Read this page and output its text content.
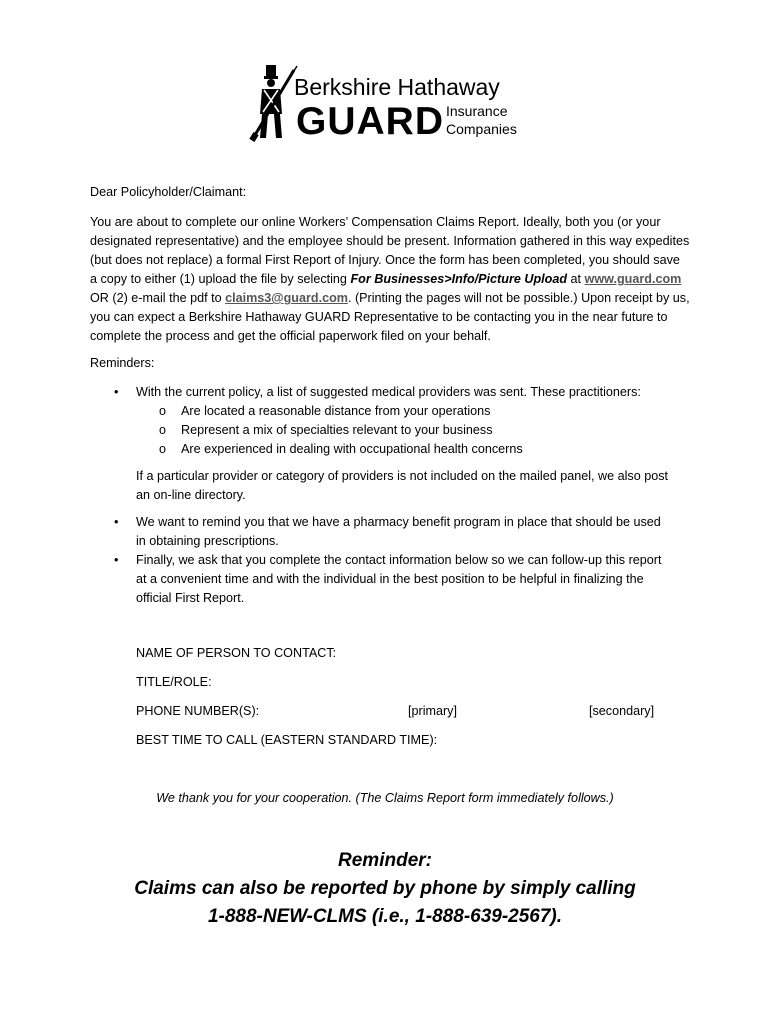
Berkshire Hathaway
GUARD Insurance
Companies
Dear Policyholder/Claimant:
You are about to complete our online Workers’ Compensation Claims Report. Ideally, both you (or your designated representative) and the employee should be present. Information gathered in this way expedites (but does not replace) a formal First Report of Injury. Once the form has been completed, you should save a copy to either (1) upload the file by selecting For Businesses>Info/Picture Upload at www.guard.com OR (2) e-mail the pdf to claims3@guard.com. (Printing the pages will not be possible.) Upon receipt by us, you can expect a Berkshire Hathaway GUARD Representative to be contacting you in the near future to complete the process and get the official paperwork filed on your behalf.
Reminders:
• With the current policy, a list of suggested medical providers was sent. These practitioners:
o Are located a reasonable distance from your operations
o Represent a mix of specialties relevant to your business
o Are experienced in dealing with occupational health concerns
If a particular provider or category of providers is not included on the mailed panel, we also post an on-line directory.
• We want to remind you that we have a pharmacy benefit program in place that should be used in obtaining prescriptions.
• Finally, we ask that you complete the contact information below so we can follow-up this report at a convenient time and with the individual in the best position to be helpful in finalizing the official First Report.
NAME OF PERSON TO CONTACT:
TITLE/ROLE:
PHONE NUMBER(S):	[primary]	[secondary]
BEST TIME TO CALL (EASTERN STANDARD TIME):
We thank you for your cooperation. (The Claims Report form immediately follows.)
Reminder:
Claims can also be reported by phone by simply calling
1-888-NEW-CLMS (i.e., 1-888-639-2567).
